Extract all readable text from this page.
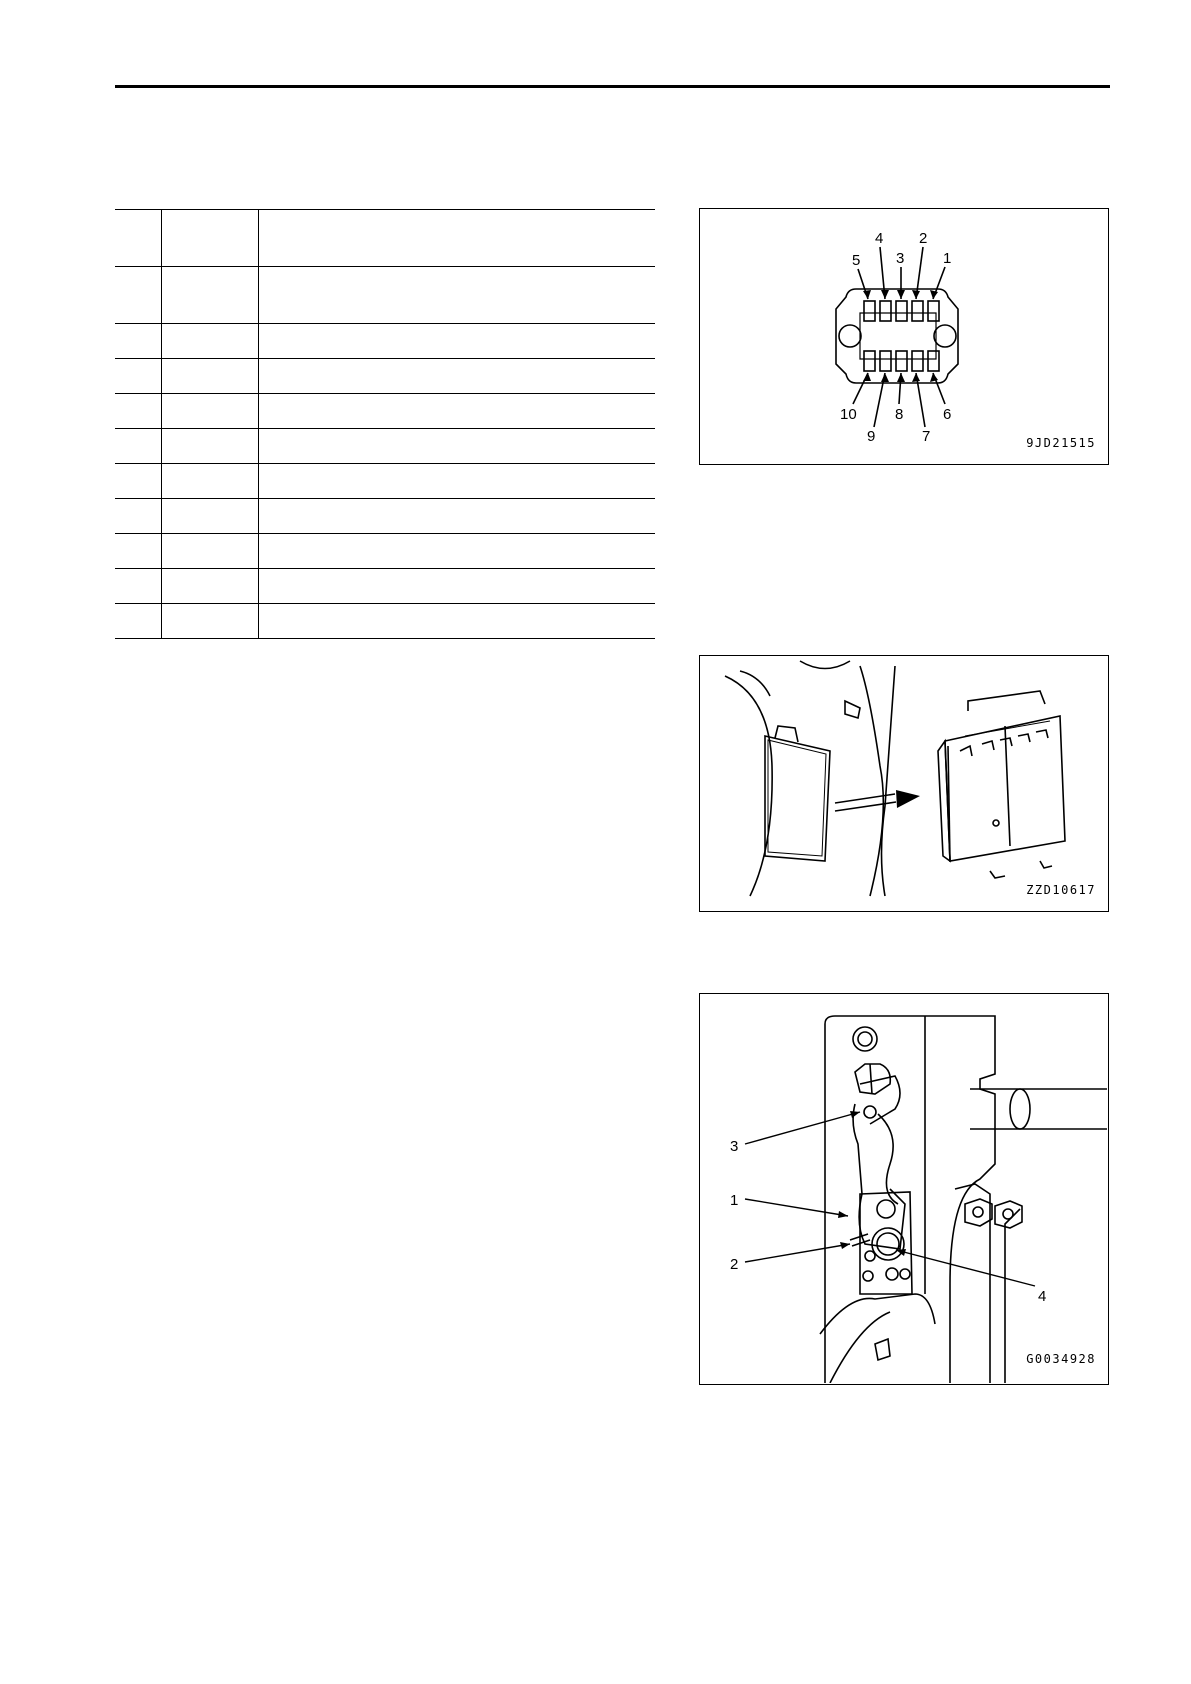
5
4
3
2
1
10
9
8
7
6
9JD21515
ZZD10617
3
1
2
4
G0034928
